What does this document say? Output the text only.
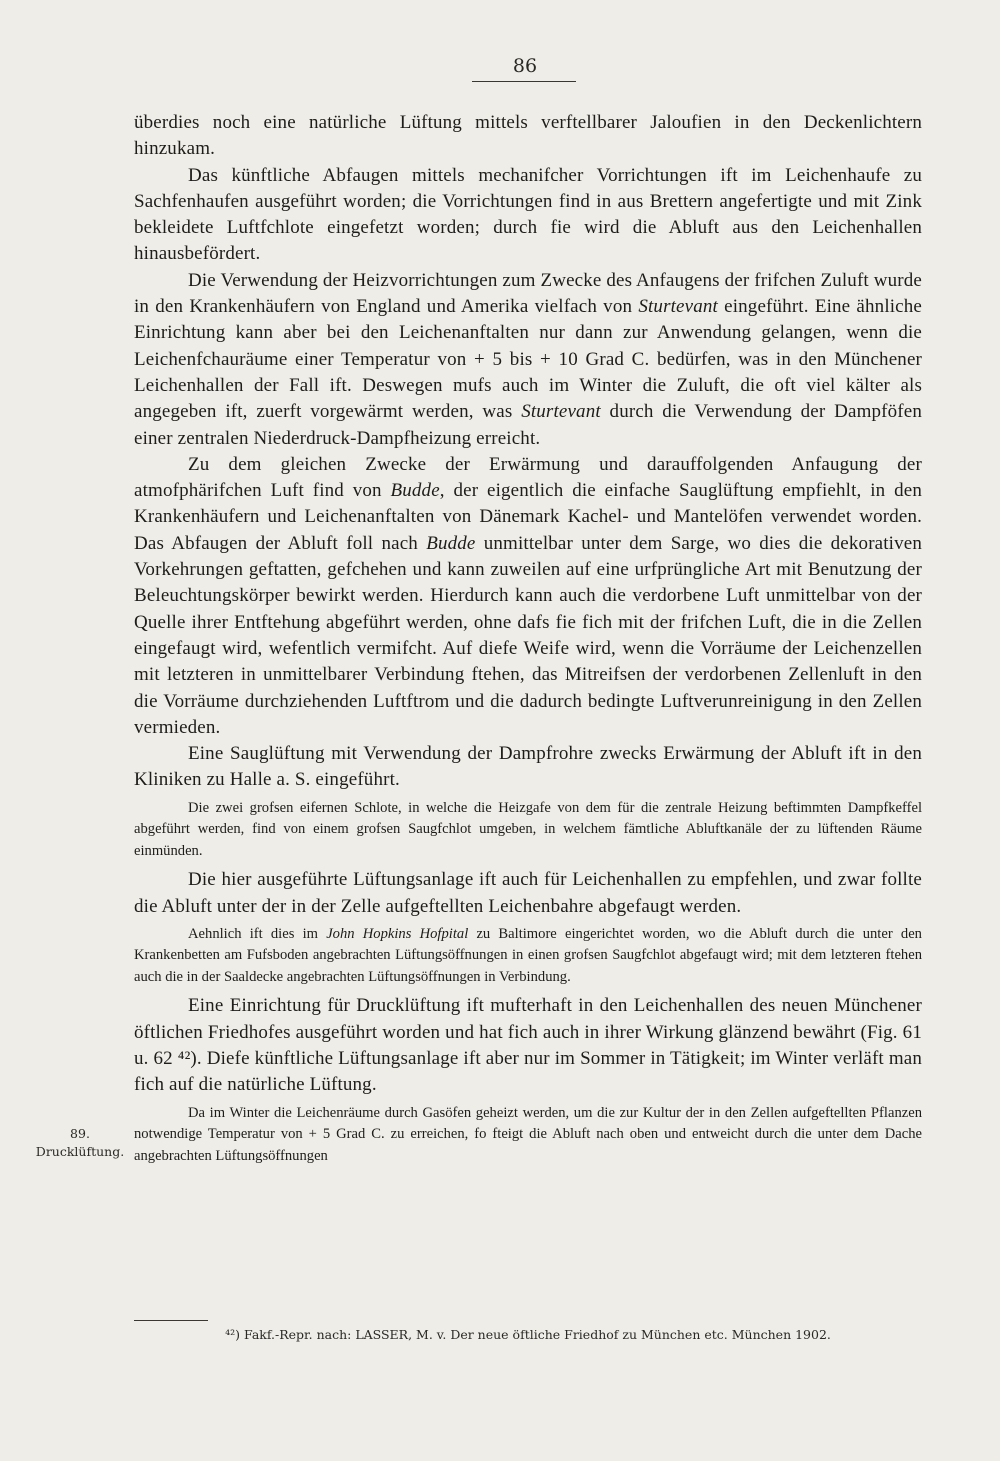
86
89.
Drucklüftung.

überdies noch eine natürliche Lüftung mittels verftellbarer Jaloufien in den Deckenlichtern hinzukam.

Das künftliche Abfaugen mittels mechanifcher Vorrichtungen ift im Leichenhaufe zu Sachfenhaufen ausgeführt worden; die Vorrichtungen find in aus Brettern angefertigte und mit Zink bekleidete Luftfchlote eingefetzt worden; durch fie wird die Abluft aus den Leichenhallen hinausbefördert.

Die Verwendung der Heizvorrichtungen zum Zwecke des Anfaugens der frifchen Zuluft wurde in den Krankenhäufern von England und Amerika vielfach von Sturtevant eingeführt. Eine ähnliche Einrichtung kann aber bei den Leichenanftalten nur dann zur Anwendung gelangen, wenn die Leichenfchauräume einer Temperatur von + 5 bis + 10 Grad C. bedürfen, was in den Münchener Leichenhallen der Fall ift. Deswegen mufs auch im Winter die Zuluft, die oft viel kälter als angegeben ift, zuerft vorgewärmt werden, was Sturtevant durch die Verwendung der Dampföfen einer zentralen Niederdruck-Dampfheizung erreicht.

Zu dem gleichen Zwecke der Erwärmung und darauffolgenden Anfaugung der atmofphärifchen Luft find von Budde, der eigentlich die einfache Sauglüftung empfiehlt, in den Krankenhäufern und Leichenanftalten von Dänemark Kachel- und Mantelöfen verwendet worden. Das Abfaugen der Abluft foll nach Budde unmittelbar unter dem Sarge, wo dies die dekorativen Vorkehrungen geftatten, gefchehen und kann zuweilen auf eine urfprüngliche Art mit Benutzung der Beleuchtungskörper bewirkt werden. Hierdurch kann auch die verdorbene Luft unmittelbar von der Quelle ihrer Entftehung abgeführt werden, ohne dafs fie fich mit der frifchen Luft, die in die Zellen eingefaugt wird, wefentlich vermifcht. Auf diefe Weife wird, wenn die Vorräume der Leichenzellen mit letzteren in unmittelbarer Verbindung ftehen, das Mitreifsen der verdorbenen Zellenluft in den die Vorräume durchziehenden Luftftrom und die dadurch bedingte Luftverunreinigung in den Zellen vermieden.

Eine Sauglüftung mit Verwendung der Dampfrohre zwecks Erwärmung der Abluft ift in den Kliniken zu Halle a. S. eingeführt.

Die zwei grofsen eifernen Schlote, in welche die Heizgafe von dem für die zentrale Heizung beftimmten Dampfkeffel abgeführt werden, find von einem grofsen Saugfchlot umgeben, in welchem fämtliche Abluftkanäle der zu lüftenden Räume einmünden.

Die hier ausgeführte Lüftungsanlage ift auch für Leichenhallen zu empfehlen, und zwar follte die Abluft unter der in der Zelle aufgeftellten Leichenbahre abgefaugt werden.

Aehnlich ift dies im John Hopkins Hofpital zu Baltimore eingerichtet worden, wo die Abluft durch die unter den Krankenbetten am Fufsboden angebrachten Lüftungsöffnungen in einen grofsen Saugfchlot abgefaugt wird; mit dem letzteren ftehen auch die in der Saaldecke angebrachten Lüftungsöffnungen in Verbindung.

Eine Einrichtung für Drucklüftung ift mufterhaft in den Leichenhallen des neuen Münchener öftlichen Friedhofes ausgeführt worden und hat fich auch in ihrer Wirkung glänzend bewährt (Fig. 61 u. 62 ⁴²). Diefe künftliche Lüftungsanlage ift aber nur im Sommer in Tätigkeit; im Winter verläft man fich auf die natürliche Lüftung.

Da im Winter die Leichenräume durch Gasöfen geheizt werden, um die zur Kultur der in den Zellen aufgeftellten Pflanzen notwendige Temperatur von + 5 Grad C. zu erreichen, fo fteigt die Abluft nach oben und entweicht durch die unter dem Dache angebrachten Lüftungsöffnungen

⁴²) Fakf.-Repr. nach: LASSER, M. v. Der neue öftliche Friedhof zu München etc. München 1902.
